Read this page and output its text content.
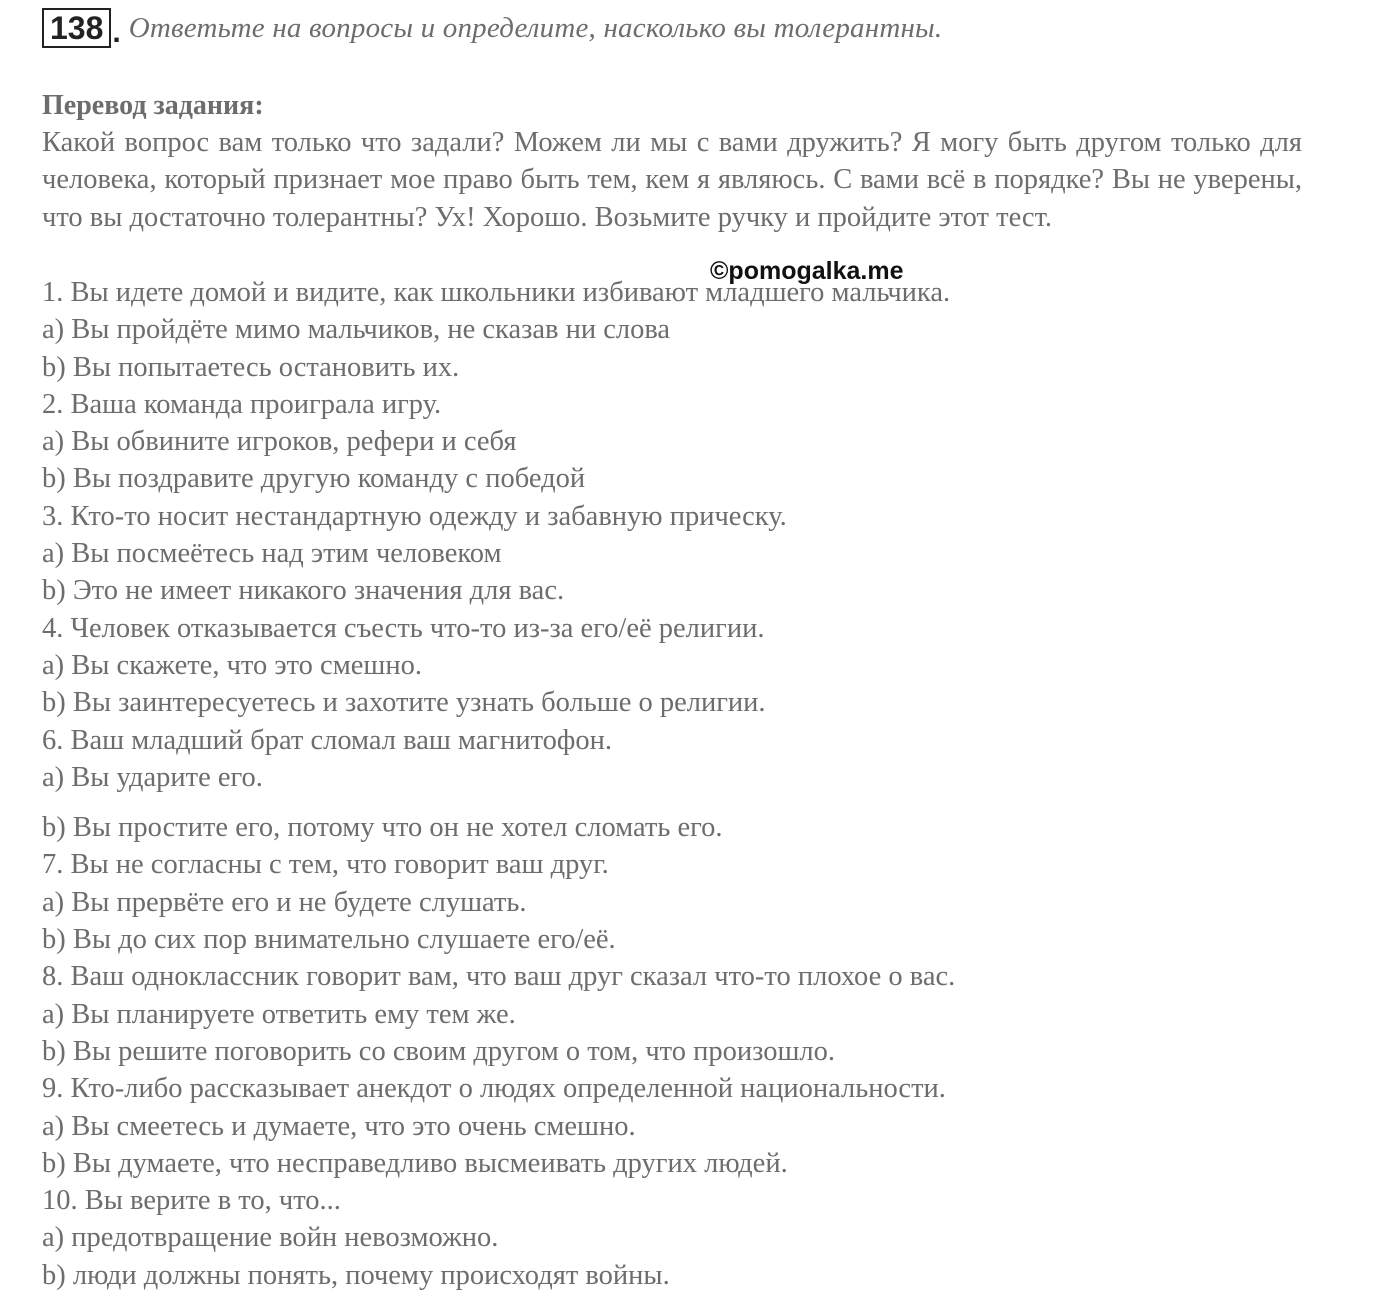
138 . Ответьте на вопросы и определите, насколько вы толерантны.
Перевод задания:
Какой вопрос вам только что задали? Можем ли мы с вами дружить? Я могу быть другом только для человека, который признает мое право быть тем, кем я являюсь. С вами всё в порядке? Вы не уверены, что вы достаточно толерантны? Ух! Хорошо. Возьмите ручку и пройдите этот тест.
1. Вы идете домой и видите, как школьники избивают младшего мальчика.
a) Вы пройдёте мимо мальчиков, не сказав ни слова
b) Вы попытаетесь остановить их.
2. Ваша команда проиграла игру.
a) Вы обвините игроков, рефери и себя
b) Вы поздравите другую команду с победой
3. Кто-то носит нестандартную одежду и забавную прическу.
a) Вы посмеётесь над этим человеком
b) Это не имеет никакого значения для вас.
4. Человек отказывается съесть что-то из-за его/её религии.
a) Вы скажете, что это смешно.
b) Вы заинтересуетесь и захотите узнать больше о религии.
6. Ваш младший брат сломал ваш магнитофон.
a) Вы ударите его.
b) Вы простите его, потому что он не хотел сломать его.
7. Вы не согласны с тем, что говорит ваш друг.
a) Вы прервёте его и не будете слушать.
b) Вы до сих пор внимательно слушаете его/её.
8. Ваш одноклассник говорит вам, что ваш друг сказал что-то плохое о вас.
a) Вы планируете ответить ему тем же.
b) Вы решите поговорить со своим другом о том, что произошло.
9. Кто-либо рассказывает анекдот о людях определенной национальности.
a) Вы смеетесь и думаете, что это очень смешно.
b) Вы думаете, что несправедливо высмеивать других людей.
10. Вы верите в то, что...
a) предотвращение войн невозможно.
b) люди должны понять, почему происходят войны.
©pomogalka.me
